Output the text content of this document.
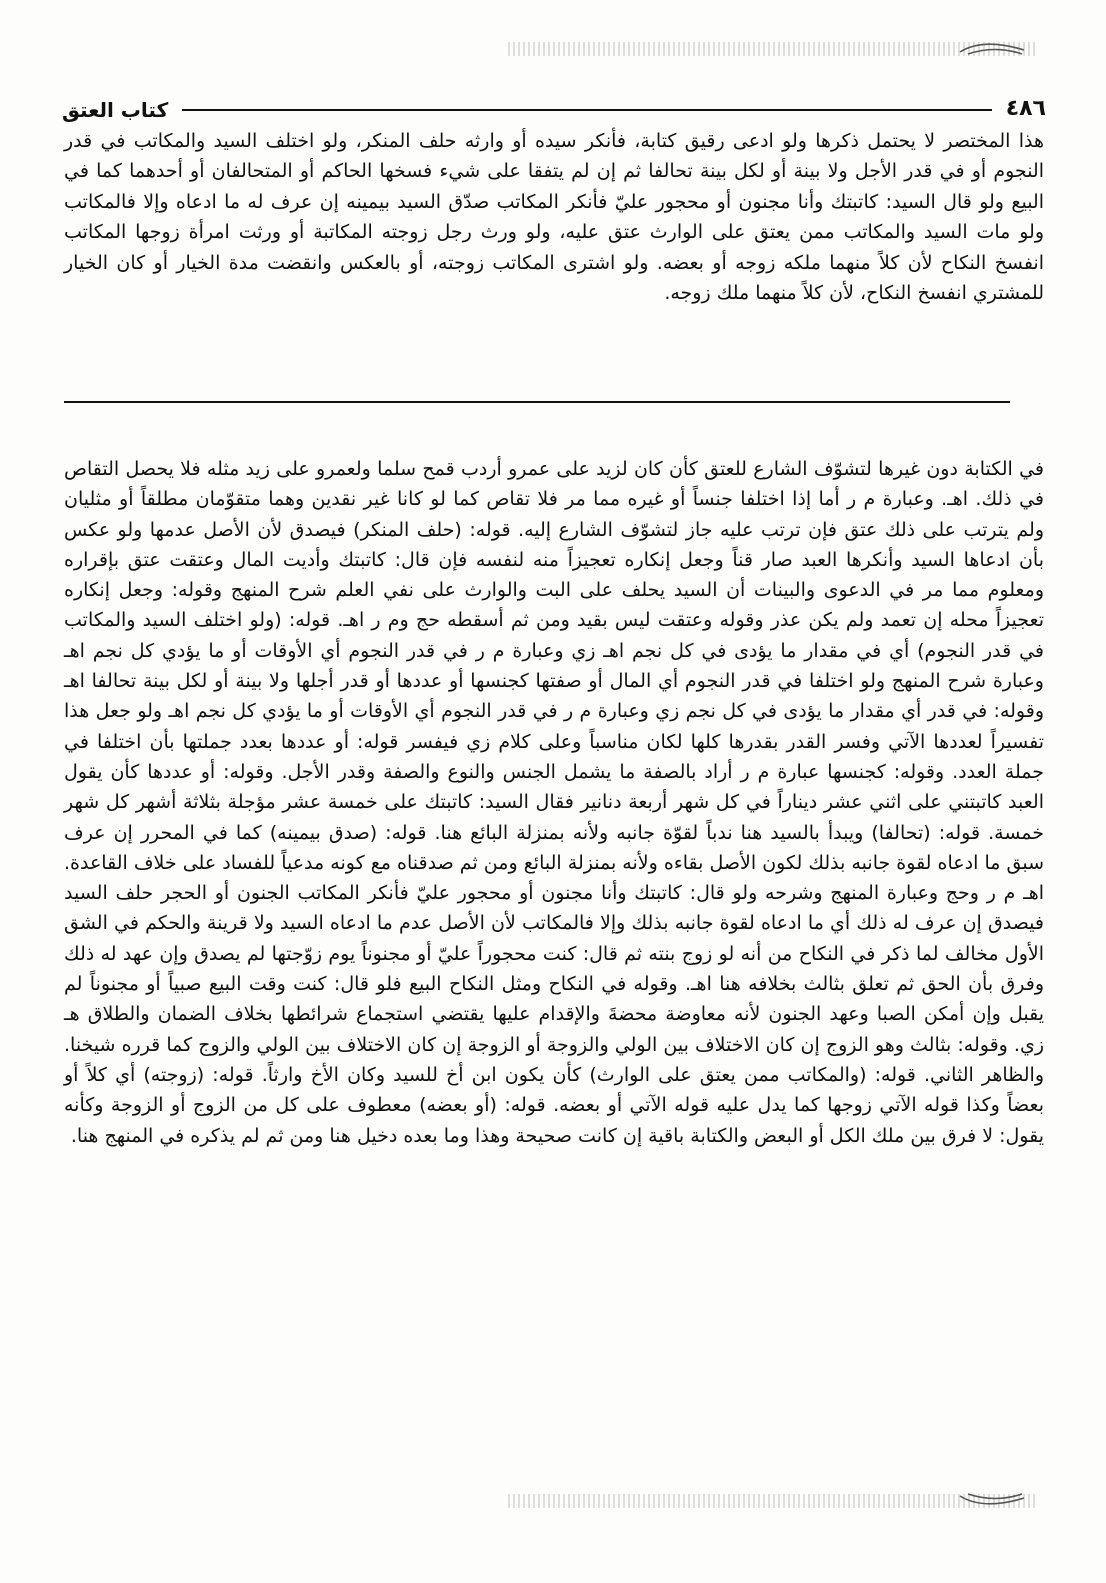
٤٨٦
كتاب العتق

هذا المختصر لا يحتمل ذكرها ولو ادعى رقيق كتابة، فأنكر سيده أو وارثه حلف المنكر، ولو اختلف السيد والمكاتب في قدر النجوم أو في قدر الأجل ولا بينة أو لكل بينة تحالفا ثم إن لم يتفقا على شيء فسخها الحاكم أو المتحالفان أو أحدهما كما في البيع ولو قال السيد: كاتبتك وأنا مجنون أو محجور عليّ فأنكر المكاتب صدّق السيد بيمينه إن عرف له ما ادعاه وإلا فالمكاتب ولو مات السيد والمكاتب ممن يعتق على الوارث عتق عليه، ولو ورث رجل زوجته المكاتبة أو ورثت امرأة زوجها المكاتب انفسخ النكاح لأن كلاً منهما ملكه زوجه أو بعضه. ولو اشترى المكاتب زوجته، أو بالعكس وانقضت مدة الخيار أو كان الخيار للمشتري انفسخ النكاح، لأن كلاً منهما ملك زوجه.

في الكتابة دون غيرها لتشوّف الشارع للعتق كأن كان لزيد على عمرو أردب قمح سلما ولعمرو على زيد مثله فلا يحصل التقاص في ذلك. اهـ. وعبارة م ر أما إذا اختلفا جنساً أو غيره مما مر فلا تقاص كما لو كانا غير نقدين وهما متقوّمان مطلقاً أو مثليان ولم يترتب على ذلك عتق فإن ترتب عليه جاز لتشوّف الشارع إليه. قوله: (حلف المنكر) فيصدق لأن الأصل عدمها ولو عكس بأن ادعاها السيد وأنكرها العبد صار قناً وجعل إنكاره تعجيزاً منه لنفسه فإن قال: كاتبتك وأديت المال وعتقت عتق بإقراره ومعلوم مما مر في الدعوى والبينات أن السيد يحلف على البت والوارث على نفي العلم شرح المنهج وقوله: وجعل إنكاره تعجيزاً محله إن تعمد ولم يكن عذر وقوله وعتقت ليس بقيد ومن ثم أسقطه حج وم ر اهـ. قوله: (ولو اختلف السيد والمكاتب في قدر النجوم) أي في مقدار ما يؤدى في كل نجم اهـ زي وعبارة م ر في قدر النجوم أي الأوقات أو ما يؤدي كل نجم اهـ وعبارة شرح المنهج ولو اختلفا في قدر النجوم أي المال أو صفتها كجنسها أو عددها أو قدر أجلها ولا بينة أو لكل بينة تحالفا اهـ وقوله: في قدر أي مقدار ما يؤدى في كل نجم زي وعبارة م ر في قدر النجوم أي الأوقات أو ما يؤدي كل نجم اهـ ولو جعل هذا تفسيراً لعددها الآتي وفسر القدر بقدرها كلها لكان مناسباً وعلى كلام زي فيفسر قوله: أو عددها بعدد جملتها بأن اختلفا في جملة العدد. وقوله: كجنسها عبارة م ر أراد بالصفة ما يشمل الجنس والنوع والصفة وقدر الأجل. وقوله: أو عددها كأن يقول العبد كاتبتني على اثني عشر ديناراً في كل شهر أربعة دنانير فقال السيد: كاتبتك على خمسة عشر مؤجلة بثلاثة أشهر كل شهر خمسة. قوله: (تحالفا) ويبدأ بالسيد هنا ندباً لقوّة جانبه ولأنه بمنزلة البائع هنا. قوله: (صدق بيمينه) كما في المحرر إن عرف سبق ما ادعاه لقوة جانبه بذلك لكون الأصل بقاءه ولأنه بمنزلة البائع ومن ثم صدقناه مع كونه مدعياً للفساد على خلاف القاعدة. اهـ م ر وحج وعبارة المنهج وشرحه ولو قال: كاتبتك وأنا مجنون أو محجور عليّ فأنكر المكاتب الجنون أو الحجر حلف السيد فيصدق إن عرف له ذلك أي ما ادعاه لقوة جانبه بذلك وإلا فالمكاتب لأن الأصل عدم ما ادعاه السيد ولا قرينة والحكم في الشق الأول مخالف لما ذكر في النكاح من أنه لو زوج بنته ثم قال: كنت محجوراً عليّ أو مجنوناً يوم زوّجتها لم يصدق وإن عهد له ذلك وفرق بأن الحق ثم تعلق بثالث بخلافه هنا اهـ. وقوله في النكاح ومثل النكاح البيع فلو قال: كنت وقت البيع صبياً أو مجنوناً لم يقبل وإن أمكن الصبا وعهد الجنون لأنه معاوضة محضةَ والإقدام عليها يقتضي استجماع شرائطها بخلاف الضمان والطلاق هـ زي. وقوله: بثالث وهو الزوج إن كان الاختلاف بين الولي والزوجة أو الزوجة إن كان الاختلاف بين الولي والزوج كما قرره شيخنا. والظاهر الثاني. قوله: (والمكاتب ممن يعتق على الوارث) كأن يكون ابن أخ للسيد وكان الأخ وارثاً. قوله: (زوجته) أي كلاً أو بعضاً وكذا قوله الآتي زوجها كما يدل عليه قوله الآتي أو بعضه. قوله: (أو بعضه) معطوف على كل من الزوج أو الزوجة وكأنه يقول: لا فرق بين ملك الكل أو البعض والكتابة باقية إن كانت صحيحة وهذا وما بعده دخيل هنا ومن ثم لم يذكره في المنهج هنا.
